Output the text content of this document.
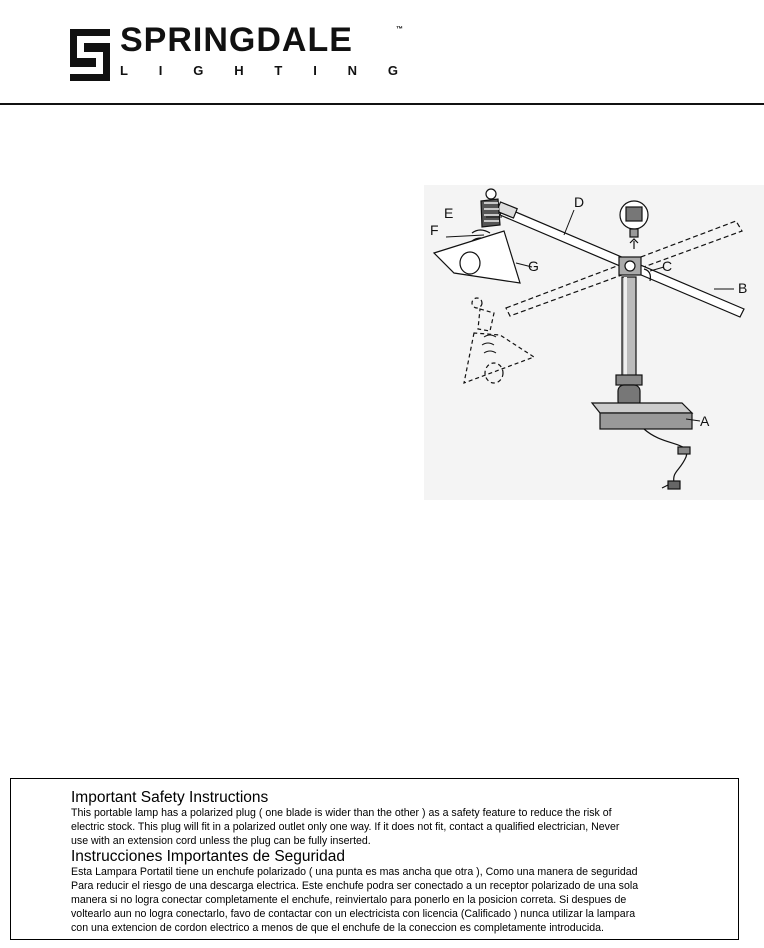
SPRINGDALE	™
L I G H T I N G
E
F
D
G	C
B
A
Important Safety Instructions
This portable lamp has a polarized plug ( one blade is wider than the other ) as a safety feature to reduce the risk of
electric stock. This plug will fit in a polarized outlet only one way. If it does not fit, contact a qualified electrician, Never
use with an extension cord unless the plug can be fully inserted.
Instrucciones Importantes de Seguridad
Esta Lampara Portatil tiene un enchufe polarizado ( una punta es mas ancha que otra ), Como una manera de seguridad
Para reducir el riesgo de una descarga electrica. Este enchufe podra ser conectado a un receptor polarizado de una sola
manera si no logra conectar completamente el enchufe, reinviertalo para ponerlo en la posicion correta. Si despues de
voltearlo aun no logra conectarlo, favo de contactar con un electricista con licencia (Calificado ) nunca utilizar la lampara
con una extencion de cordon electrico a menos de que el enchufe de la coneccion es completamente introducida.
